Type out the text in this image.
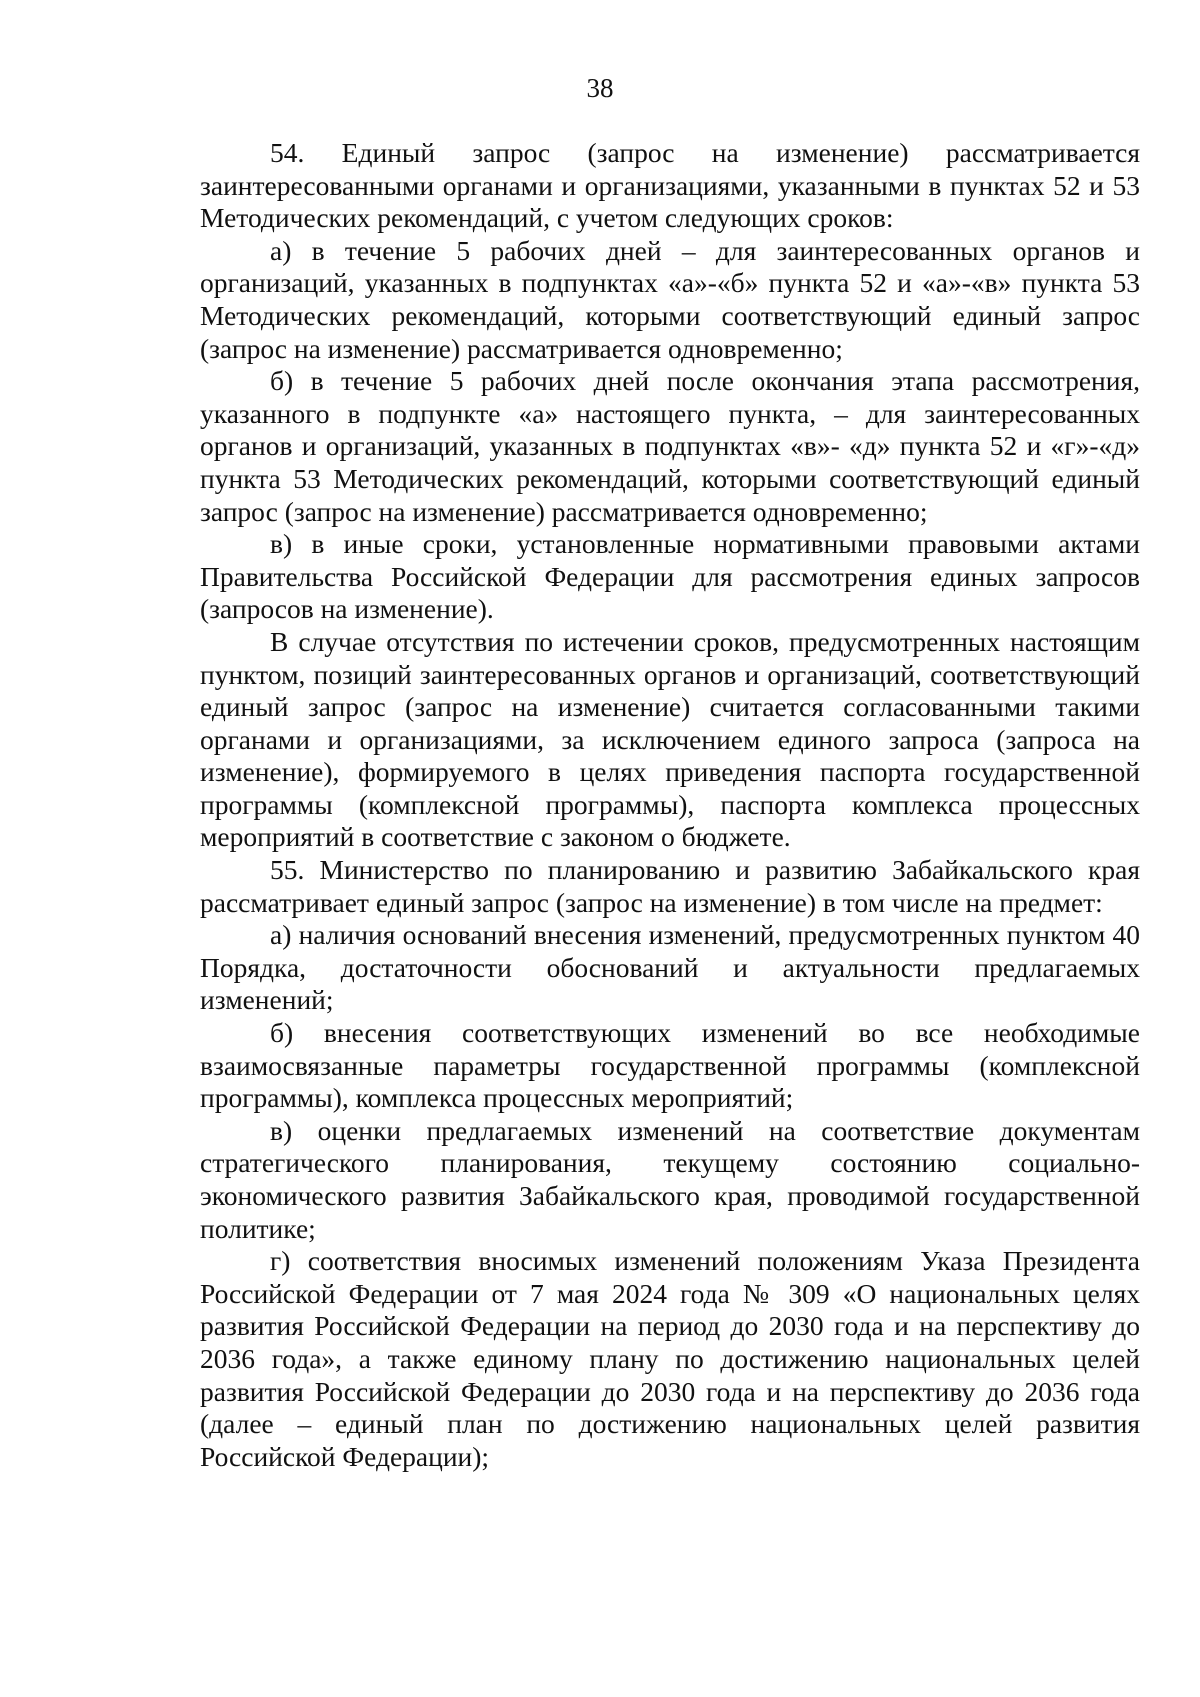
38

54. Единый запрос (запрос на изменение) рассматривается заинтересованными органами и организациями, указанными в пунктах 52 и 53 Методических рекомендаций, с учетом следующих сроков:

а) в течение 5 рабочих дней – для заинтересованных органов и организаций, указанных в подпунктах «а»-«б» пункта 52 и «а»-«в» пункта 53 Методических рекомендаций, которыми соответствующий единый запрос (запрос на изменение) рассматривается одновременно;

б) в течение 5 рабочих дней после окончания этапа рассмотрения, указанного в подпункте «а» настоящего пункта, – для заинтересованных органов и организаций, указанных в подпунктах «в»- «д» пункта 52 и «г»-«д» пункта 53 Методических рекомендаций, которыми соответствующий единый запрос (запрос на изменение) рассматривается одновременно;

в) в иные сроки, установленные нормативными правовыми актами Правительства Российской Федерации для рассмотрения единых запросов (запросов на изменение).

В случае отсутствия по истечении сроков, предусмотренных настоящим пунктом, позиций заинтересованных органов и организаций, соответствующий единый запрос (запрос на изменение) считается согласованными такими органами и организациями, за исключением единого запроса (запроса на изменение), формируемого в целях приведения паспорта государственной программы (комплексной программы), паспорта комплекса процессных мероприятий в соответствие с законом о бюджете.

55. Министерство по планированию и развитию Забайкальского края рассматривает единый запрос (запрос на изменение) в том числе на предмет:

а) наличия оснований внесения изменений, предусмотренных пунктом 40 Порядка, достаточности обоснований и актуальности предлагаемых изменений;

б) внесения соответствующих изменений во все необходимые взаимосвязанные параметры государственной программы (комплексной программы), комплекса процессных мероприятий;

в) оценки предлагаемых изменений на соответствие документам стратегического планирования, текущему состоянию социально-экономического развития Забайкальского края, проводимой государственной политике;

г) соответствия вносимых изменений положениям Указа Президента Российской Федерации от 7 мая 2024 года № 309 «О национальных целях развития Российской Федерации на период до 2030 года и на перспективу до 2036 года», а также единому плану по достижению национальных целей развития Российской Федерации до 2030 года и на перспективу до 2036 года (далее – единый план по достижению национальных целей развития Российской Федерации);
